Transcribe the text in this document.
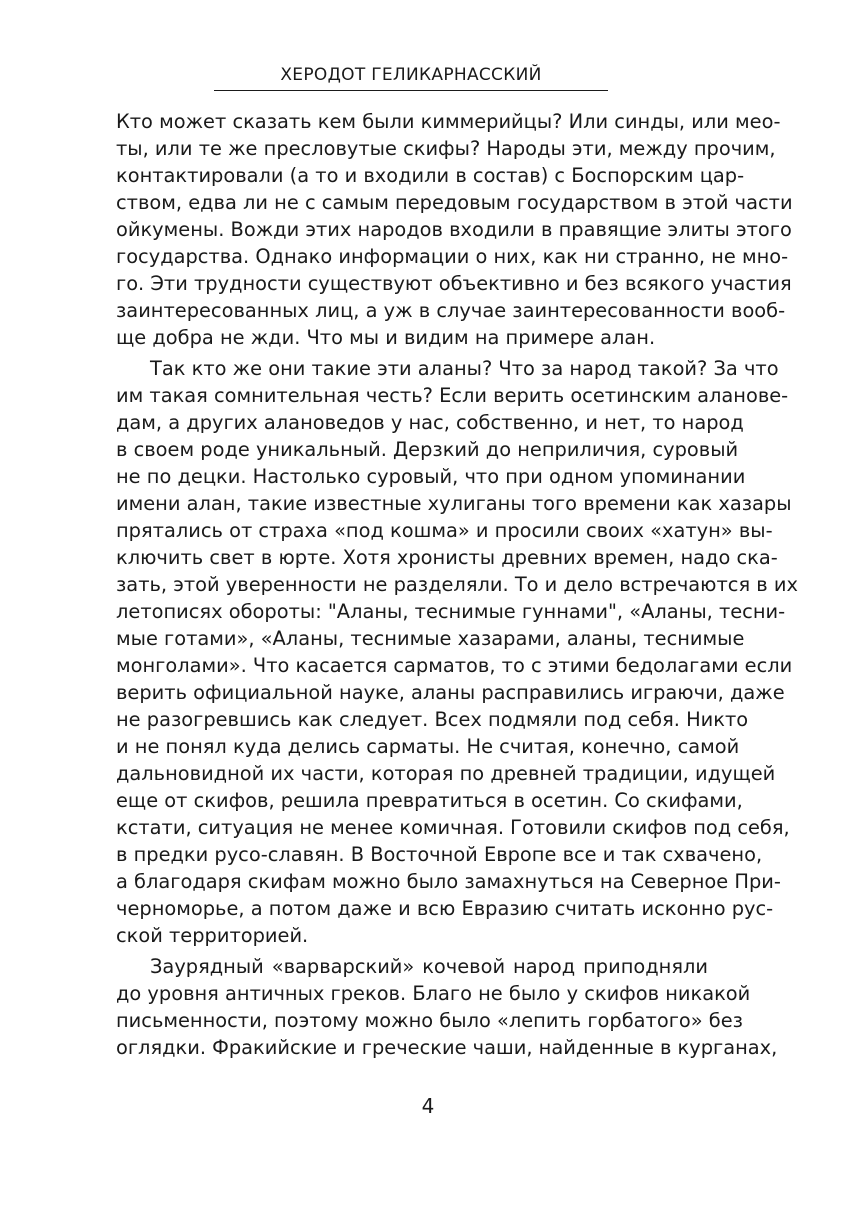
ХЕРОДОТ ГЕЛИКАРНАССКИЙ
Кто может сказать кем были киммерийцы? Или синды, или мео-
ты, или те же пресловутые скифы? Народы эти, между прочим,
контактировали (а то и входили в состав) с Боспорским цар-
ством, едва ли не с самым передовым государством в этой части
ойкумены. Вожди этих народов входили в правящие элиты этого
государства. Однако информации о них, как ни странно, не мно-
го. Эти трудности существуют объективно и без всякого участия
заинтересованных лиц, а уж в случае заинтересованности вооб-
ще добра не жди. Что мы и видим на примере алан.
Так кто же они такие эти аланы? Что за народ такой? За что
им такая сомнительная честь? Если верить осетинским аланове-
дам, а других алановедов у нас, собственно, и нет, то народ
в своем роде уникальный. Дерзкий до неприличия, суровый
не по децки. Настолько суровый, что при одном упоминании
имени алан, такие известные хулиганы того времени как хазары
прятались от страха «под кошма» и просили своих «хатун» вы-
ключить свет в юрте. Хотя хронисты древних времен, надо ска-
зать, этой уверенности не разделяли. То и дело встречаются в их
летописях обороты: "Аланы, теснимые гуннами", «Аланы, тесни-
мые готами», «Аланы, теснимые хазарами, аланы, теснимые
монголами». Что касается сарматов, то с этими бедолагами если
верить официальной науке, аланы расправились играючи, даже
не разогревшись как следует. Всех подмяли под себя. Никто
и не понял куда делись сарматы. Не считая, конечно, самой
дальновидной их части, которая по древней традиции, идущей
еще от скифов, решила превратиться в осетин. Со скифами,
кстати, ситуация не менее комичная. Готовили скифов под себя,
в предки русо-славян. В Восточной Европе все и так схвачено,
а благодаря скифам можно было замахнуться на Северное При-
черноморье, а потом даже и всю Евразию считать исконно рус-
ской территорией.
Заурядный «варварский» кочевой народ приподняли
до уровня античных греков. Благо не было у скифов никакой
письменности, поэтому можно было «лепить горбатого» без
оглядки. Фракийские и греческие чаши, найденные в курганах,
4
